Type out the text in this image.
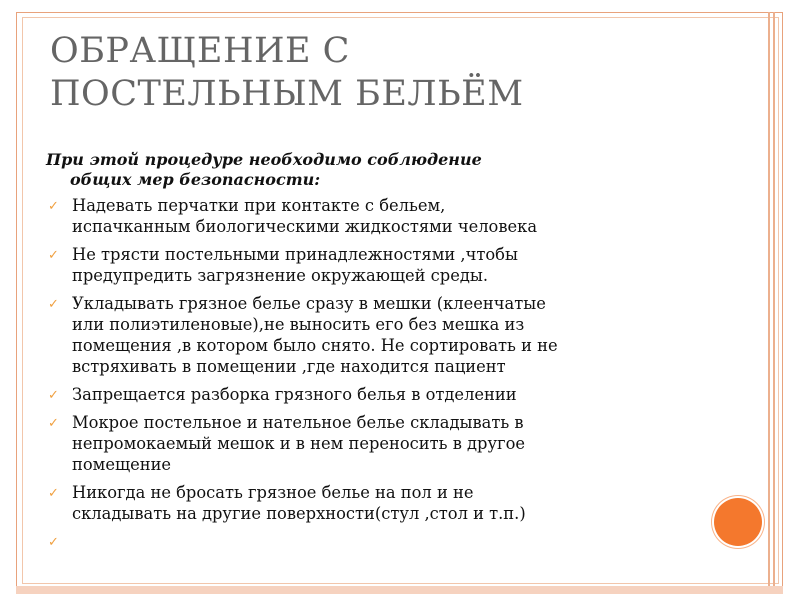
ОБРАЩЕНИЕ С
ПОСТЕЛЬНЫМ БЕЛЬЁМ
При этой процедуре необходимо соблюдение
общих мер безопасности:
✓ Надевать перчатки при контакте с бельем,
испачканным биологическими жидкостями человека
✓ Не трясти постельными принадлежностями ,чтобы
предупредить загрязнение окружающей среды.
✓ Укладывать грязное белье сразу в мешки (клеенчатые
или полиэтиленовые),не выносить его без мешка из
помещения ,в котором было снято. Не сортировать и не
встряхивать в помещении ,где находится пациент
✓ Запрещается разборка грязного белья в отделении
✓ Мокрое постельное и нательное белье складывать в
непромокаемый мешок и в нем переносить в другое
помещение
✓ Никогда не бросать грязное белье на пол и не
складывать на другие поверхности(стул ,стол и т.п.)
✓
